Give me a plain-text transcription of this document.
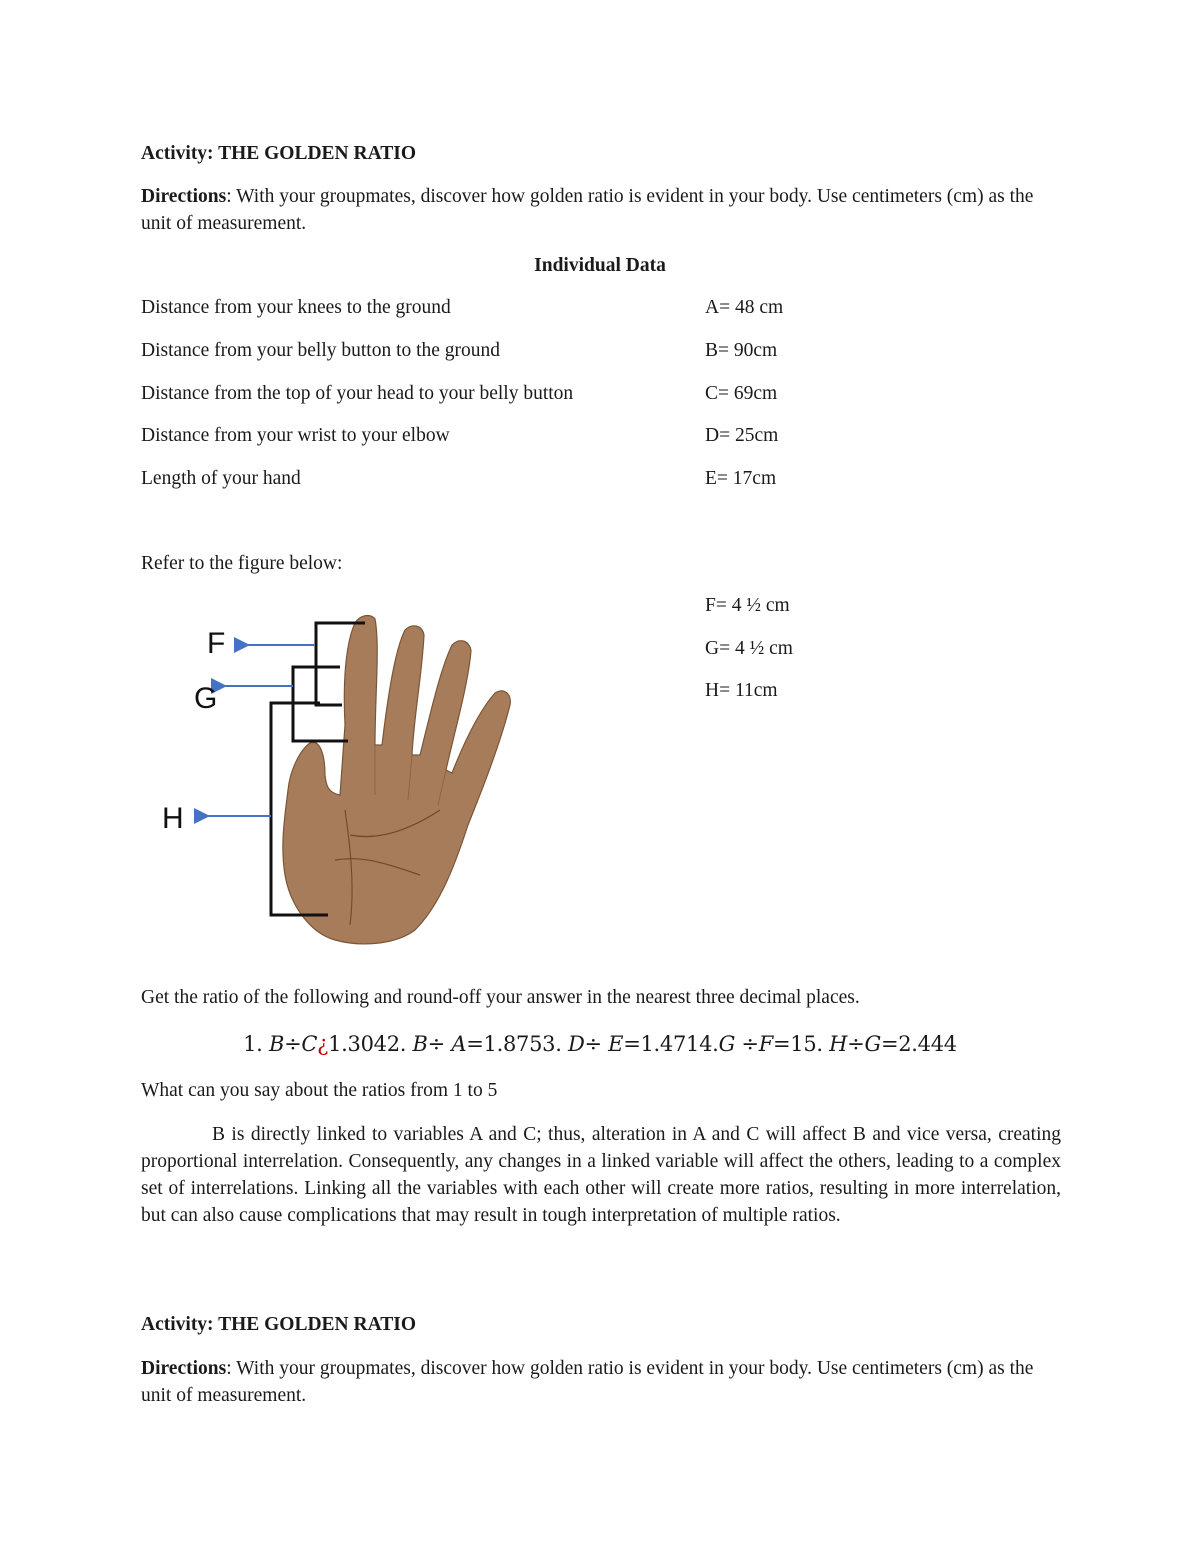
Activity: THE GOLDEN RATIO
Directions: With your groupmates, discover how golden ratio is evident in your body. Use centimeters (cm) as the unit of measurement.
Individual Data
Distance from your knees to the ground	A= 48 cm
Distance from your belly button to the ground	B= 90cm
Distance from the top of your head to your belly button	C= 69cm
Distance from your wrist to your elbow	D= 25cm
Length of your hand	E= 17cm
Refer to the figure below:
F= 4 ½ cm
G= 4 ½ cm
H= 11cm
F
G
H
Get the ratio of the following and round-off your answer in the nearest three decimal places.
1. B÷C¿1.3042. B÷ A=1.8753. D÷ E=1.4714.G ÷F=15. H÷G=2.444
What can you say about the ratios from 1 to 5
B is directly linked to variables A and C; thus, alteration in A and C will affect B and vice versa, creating proportional interrelation. Consequently, any changes in a linked variable will affect the others, leading to a complex set of interrelations. Linking all the variables with each other will create more ratios, resulting in more interrelation, but can also cause complications that may result in tough interpretation of multiple ratios.
Activity: THE GOLDEN RATIO
Directions: With your groupmates, discover how golden ratio is evident in your body. Use centimeters (cm) as the unit of measurement.
